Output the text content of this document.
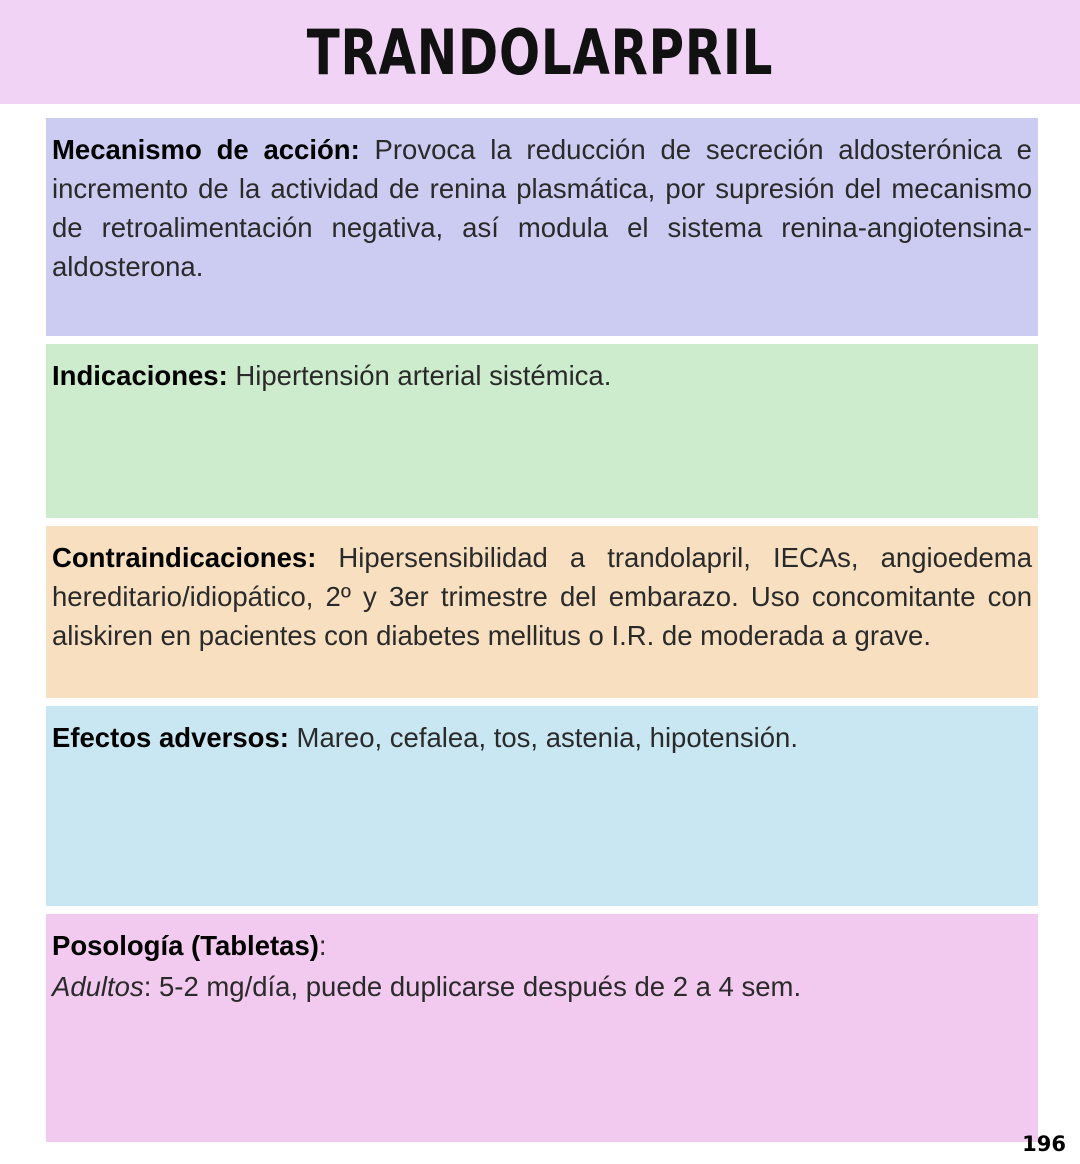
TRANDOLARPRIL
Mecanismo de acción: Provoca la reducción de secreción aldosterónica e incremento de la actividad de renina plasmática, por supresión del mecanismo de retroalimentación negativa, así modula el sistema renina-angiotensina-aldosterona.
Indicaciones: Hipertensión arterial sistémica.
Contraindicaciones: Hipersensibilidad a trandolapril, IECAs, angioedema hereditario/idiopático, 2º y 3er trimestre del embarazo. Uso concomitante con aliskiren en pacientes con diabetes mellitus o I.R. de moderada a grave.
Efectos adversos: Mareo, cefalea, tos, astenia, hipotensión.
Posología (Tabletas):
Adultos: 5-2 mg/día, puede duplicarse después de 2 a 4 sem.
196
